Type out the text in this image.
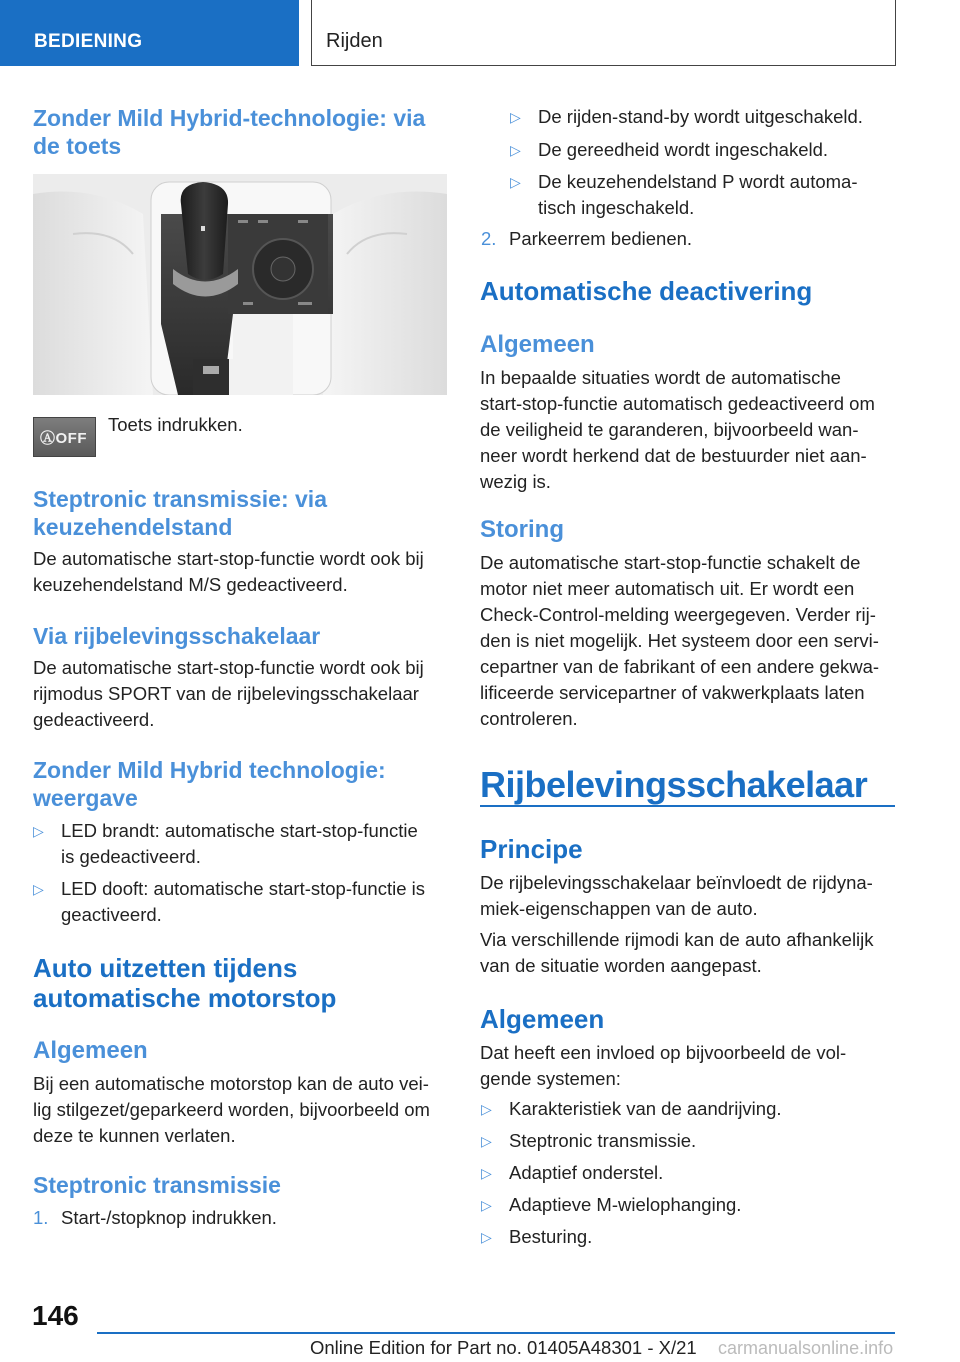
BEDIENING	Rijden
Zonder Mild Hybrid-technologie: via
de toets
ⒶOFF
Toets indrukken.
Steptronic transmissie: via
keuzehendelstand
De automatische start-stop-functie wordt ook bij
keuzehendelstand M/S gedeactiveerd.
Via rijbelevingsschakelaar
De automatische start-stop-functie wordt ook bij
rijmodus SPORT van de rijbelevingsschakelaar
gedeactiveerd.
Zonder Mild Hybrid technologie:
weergave
▷ LED brandt: automatische start-stop-functie
is gedeactiveerd.
▷ LED dooft: automatische start-stop-functie is
geactiveerd.
Auto uitzetten tijdens
automatische motorstop
Algemeen
Bij een automatische motorstop kan de auto vei-
lig stilgezet/geparkeerd worden, bijvoorbeeld om
deze te kunnen verlaten.
Steptronic transmissie
1. Start-/stopknop indrukken.
▷ De rijden-stand-by wordt uitgeschakeld.
▷ De gereedheid wordt ingeschakeld.
▷ De keuzehendelstand P wordt automa-
tisch ingeschakeld.
2. Parkeerrem bedienen.
Automatische deactivering
Algemeen
In bepaalde situaties wordt de automatische
start-stop-functie automatisch gedeactiveerd om
de veiligheid te garanderen, bijvoorbeeld wan-
neer wordt herkend dat de bestuurder niet aan-
wezig is.
Storing
De automatische start-stop-functie schakelt de
motor niet meer automatisch uit. Er wordt een
Check-Control-melding weergegeven. Verder rij-
den is niet mogelijk. Het systeem door een servi-
cepartner van de fabrikant of een andere gekwa-
lificeerde servicepartner of vakwerkplaats laten
controleren.
Rijbelevingsschakelaar
Principe
De rijbelevingsschakelaar beïnvloedt de rijdyna-
miek-eigenschappen van de auto.
Via verschillende rijmodi kan de auto afhankelijk
van de situatie worden aangepast.
Algemeen
Dat heeft een invloed op bijvoorbeeld de vol-
gende systemen:
▷ Karakteristiek van de aandrijving.
▷ Steptronic transmissie.
▷ Adaptief onderstel.
▷ Adaptieve M-wielophanging.
▷ Besturing.
146
Online Edition for Part no. 01405A48301 - X/21 carmanualsonline.info
